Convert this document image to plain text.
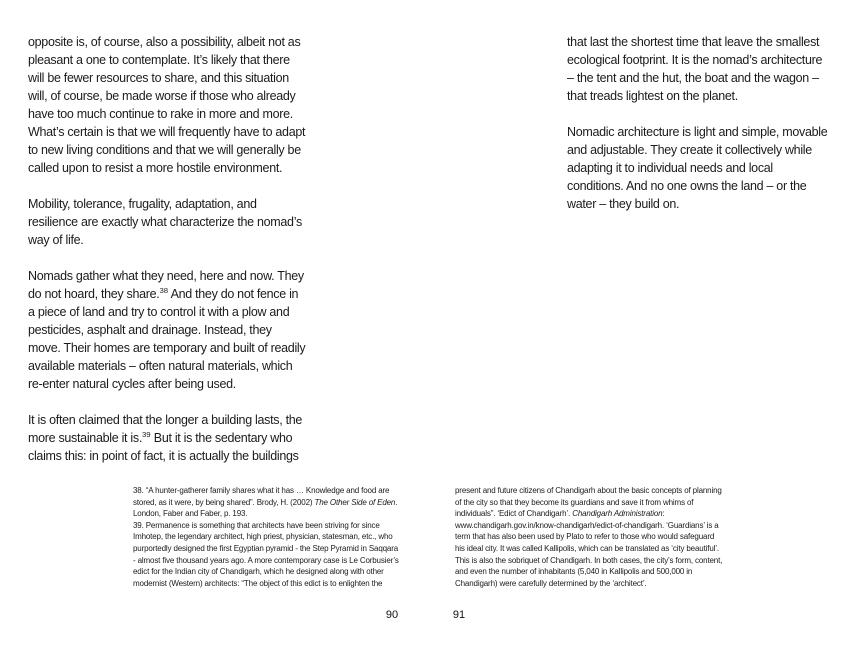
opposite is, of course, also a possibility, albeit not as pleasant a one to contemplate. It’s likely that there will be fewer resources to share, and this situation will, of course, be made worse if those who already have too much continue to rake in more and more. What’s certain is that we will frequently have to adapt to new living conditions and that we will generally be called upon to resist a more hostile environment.

Mobility, tolerance, frugality, adaptation, and resilience are exactly what characterize the nomad’s way of life.

Nomads gather what they need, here and now. They do not hoard, they share.$^{38}$ And they do not fence in a piece of land and try to control it with a plow and pesticides, asphalt and drainage. Instead, they move. Their homes are temporary and built of readily available materials – often natural materials, which re-enter natural cycles after being used.

It is often claimed that the longer a building lasts, the more sustainable it is.$^{39}$ But it is the sedentary who claims this: in point of fact, it is actually the buildings

that last the shortest time that leave the smallest ecological footprint. It is the nomad’s architecture – the tent and the hut, the boat and the wagon – that treads lightest on the planet.

Nomadic architecture is light and simple, movable and adjustable. They create it collectively while adapting it to individual needs and local conditions. And no one owns the land – or the water – they build on.

38. “A hunter-gatherer family shares what it has … Knowledge and food are stored, as it were, by being shared”. Brody, H. (2002) The Other Side of Eden. London, Faber and Faber, p. 193.

39. Permanence is something that architects have been striving for since Imhotep, the legendary architect, high priest, physician, statesman, etc., who purportedly designed the first Egyptian pyramid - the Step Pyramid in Saqqara - almost five thousand years ago. A more contemporary case is Le Corbusier’s edict for the Indian city of Chandigarh, which he designed along with other modernist (Western) architects: “The object of this edict is to enlighten the

present and future citizens of Chandigarh about the basic concepts of planning of the city so that they become its guardians and save it from whims of individuals”. ‘Edict of Chandigarh’. Chandigarh Administration: www.chandigarh.gov.in/know-chandigarh/edict-of-chandigarh. ‘Guardians’ is a term that has also been used by Plato to refer to those who would safeguard his ideal city. It was called Kallipolis, which can be translated as ‘city beautiful’. This is also the sobriquet of Chandigarh. In both cases, the city’s form, content, and even the number of inhabitants (5,040 in Kallipolis and 500,000 in Chandigarh) were carefully determined by the ‘architect’.

90	91
